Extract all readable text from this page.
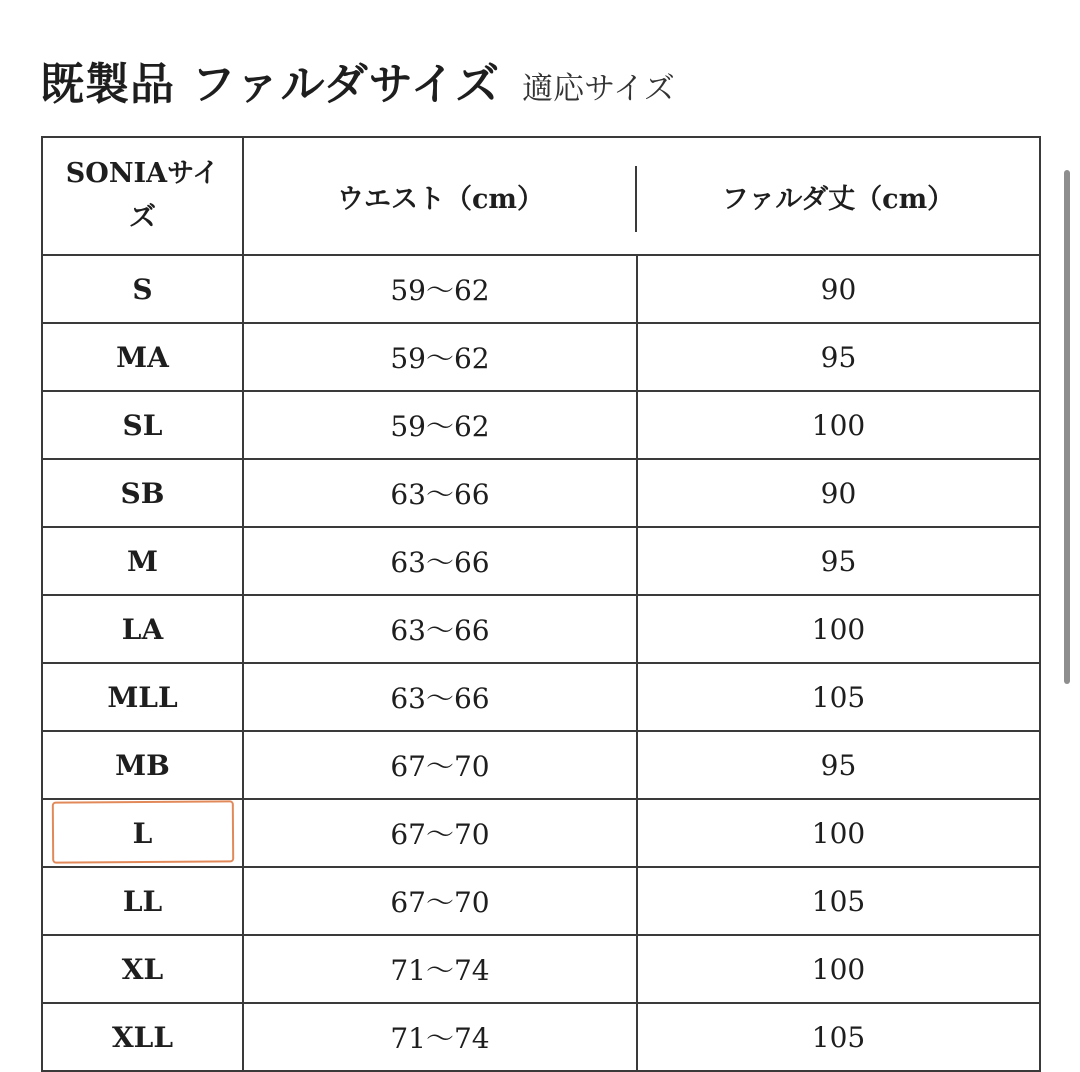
既製品 ファルダサイズ 適応サイズ
SONIAサイズ	ウエスト（cm）	ファルダ丈（cm）
S	59〜62	90
MA	59〜62	95
SL	59〜62	100
SB	63〜66	90
M	63〜66	95
LA	63〜66	100
MLL	63〜66	105
MB	67〜70	95
L	67〜70	100
LL	67〜70	105
XL	71〜74	100
XLL	71〜74	105
